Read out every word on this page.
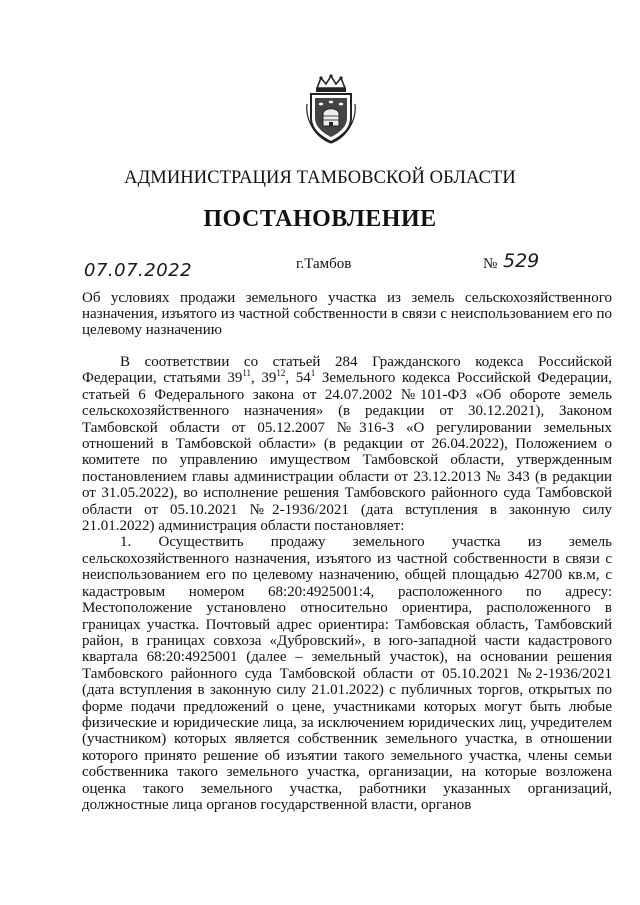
АДМИНИСТРАЦИЯ ТАМБОВСКОЙ ОБЛАСТИ
ПОСТАНОВЛЕНИЕ
07.07.2022	г.Тамбов	№ 529
Об условиях продажи земельного участка из земель сельскохозяйственного назначения, изъятого из частной собственности в связи с неиспользованием его по целевому назначению

В соответствии со статьей 284 Гражданского кодекса Российской Федерации, статьями $39^{11}$, $39^{12}$, $54^1$ Земельного кодекса Российской Федерации, статьей 6 Федерального закона от 24.07.2002 №101-ФЗ «Об обороте земель сельскохозяйственного назначения» (в редакции от 30.12.2021), Законом Тамбовской области от 05.12.2007 №316-З «О регулировании земельных отношений в Тамбовской области» (в редакции от 26.04.2022), Положением о комитете по управлению имуществом Тамбовской области, утвержденным постановлением главы администрации области от 23.12.2013 № 343 (в редакции от 31.05.2022), во исполнение решения Тамбовского районного суда Тамбовской области от 05.10.2021 №2-1936/2021 (дата вступления в законную силу 21.01.2022) администрация области постановляет:

1. Осуществить продажу земельного участка из земель сельскохозяйственного назначения, изъятого из частной собственности в связи с неиспользованием его по целевому назначению, общей площадью 42700 кв.м, с кадастровым номером 68:20:4925001:4, расположенного по адресу: Местоположение установлено относительно ориентира, расположенного в границах участка. Почтовый адрес ориентира: Тамбовская область, Тамбовский район, в границах совхоза «Дубровский», в юго-западной части кадастрового квартала 68:20:4925001 (далее – земельный участок), на основании решения Тамбовского районного суда Тамбовской области от 05.10.2021 №2-1936/2021 (дата вступления в законную силу 21.01.2022) с публичных торгов, открытых по форме подачи предложений о цене, участниками которых могут быть любые физические и юридические лица, за исключением юридических лиц, учредителем (участником) которых является собственник земельного участка, в отношении которого принято решение об изъятии такого земельного участка, члены семьи собственника такого земельного участка, организации, на которые возложена оценка такого земельного участка, работники указанных организаций, должностные лица органов государственной власти, органов
